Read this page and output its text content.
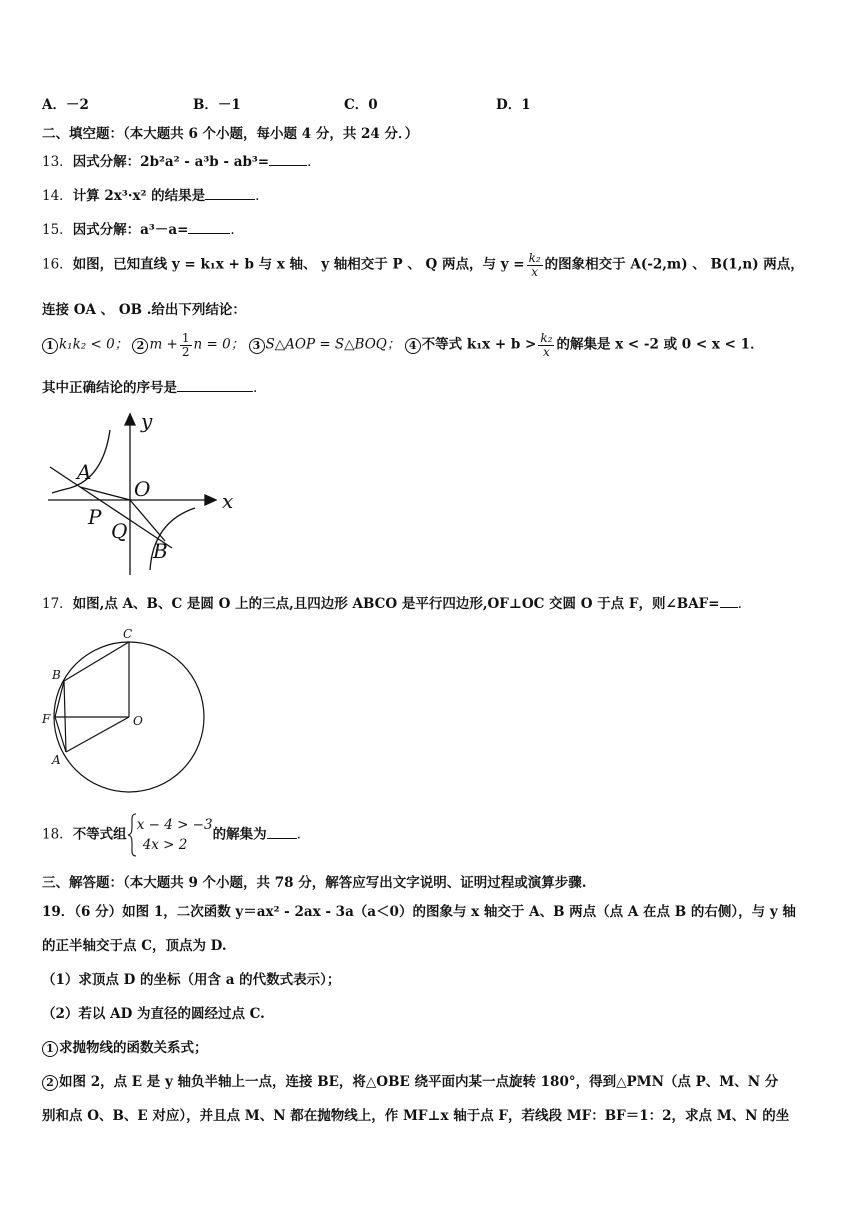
A．－2	B．－1	C．0	D．1
二、填空题：（本大题共 6 个小题，每小题 4 分，共 24 分．）
13．因式分解：2b²a² - a³b - ab³=	.
14．计算 2x³·x² 的结果是	.
15．因式分解：a³－a=	.
16．如图，已知直线 y = k₁x + b 与 x 轴、 y 轴相交于 P 、 Q 两点，与 $y = \frac{\text{k₂}}{x}$ 的图象相交于 A(-2,m) 、 B(1,n) 两点，
连接 OA 、 OB .给出下列结论：
1 k₁k₂ < 0； 2 $m + \frac{1}{2}$ n = 0； 3 S△AOP = S△BOQ； 4 不等式 $k_1x + b > \frac{\text{k₂}}{x}$ 的解集是 x < -2 或 0 < x < 1．
其中正确结论的序号是	.
y
x
A
O
P
Q
B
17．如图,点 A、B、C 是圆 O 上的三点,且四边形 ABCO 是平行四边形,OF⊥OC 交圆 O 于点 F，则∠BAF= .
C
B
F	O
A
18．不等式组
x − 4 > −3
4x > 2
的解集为 .
三、解答题：（本大题共 9 个小题，共 78 分，解答应写出文字说明、证明过程或演算步骤.
19．（6 分）如图 1，二次函数 y＝ax² - 2ax - 3a（a＜0）的图象与 x 轴交于 A、B 两点（点 A 在点 B 的右侧），与 y 轴
的正半轴交于点 C，顶点为 D.
（1）求顶点 D 的坐标（用含 a 的代数式表示）；
（2）若以 AD 为直径的圆经过点 C.
1 求抛物线的函数关系式；
2 如图 2，点 E 是 y 轴负半轴上一点，连接 BE，将△OBE 绕平面内某一点旋转 180°，得到△PMN（点 P、M、N 分
别和点 O、B、E 对应），并且点 M、N 都在抛物线上，作 MF⊥x 轴于点 F，若线段 MF：BF＝1：2，求点 M、N 的坐
